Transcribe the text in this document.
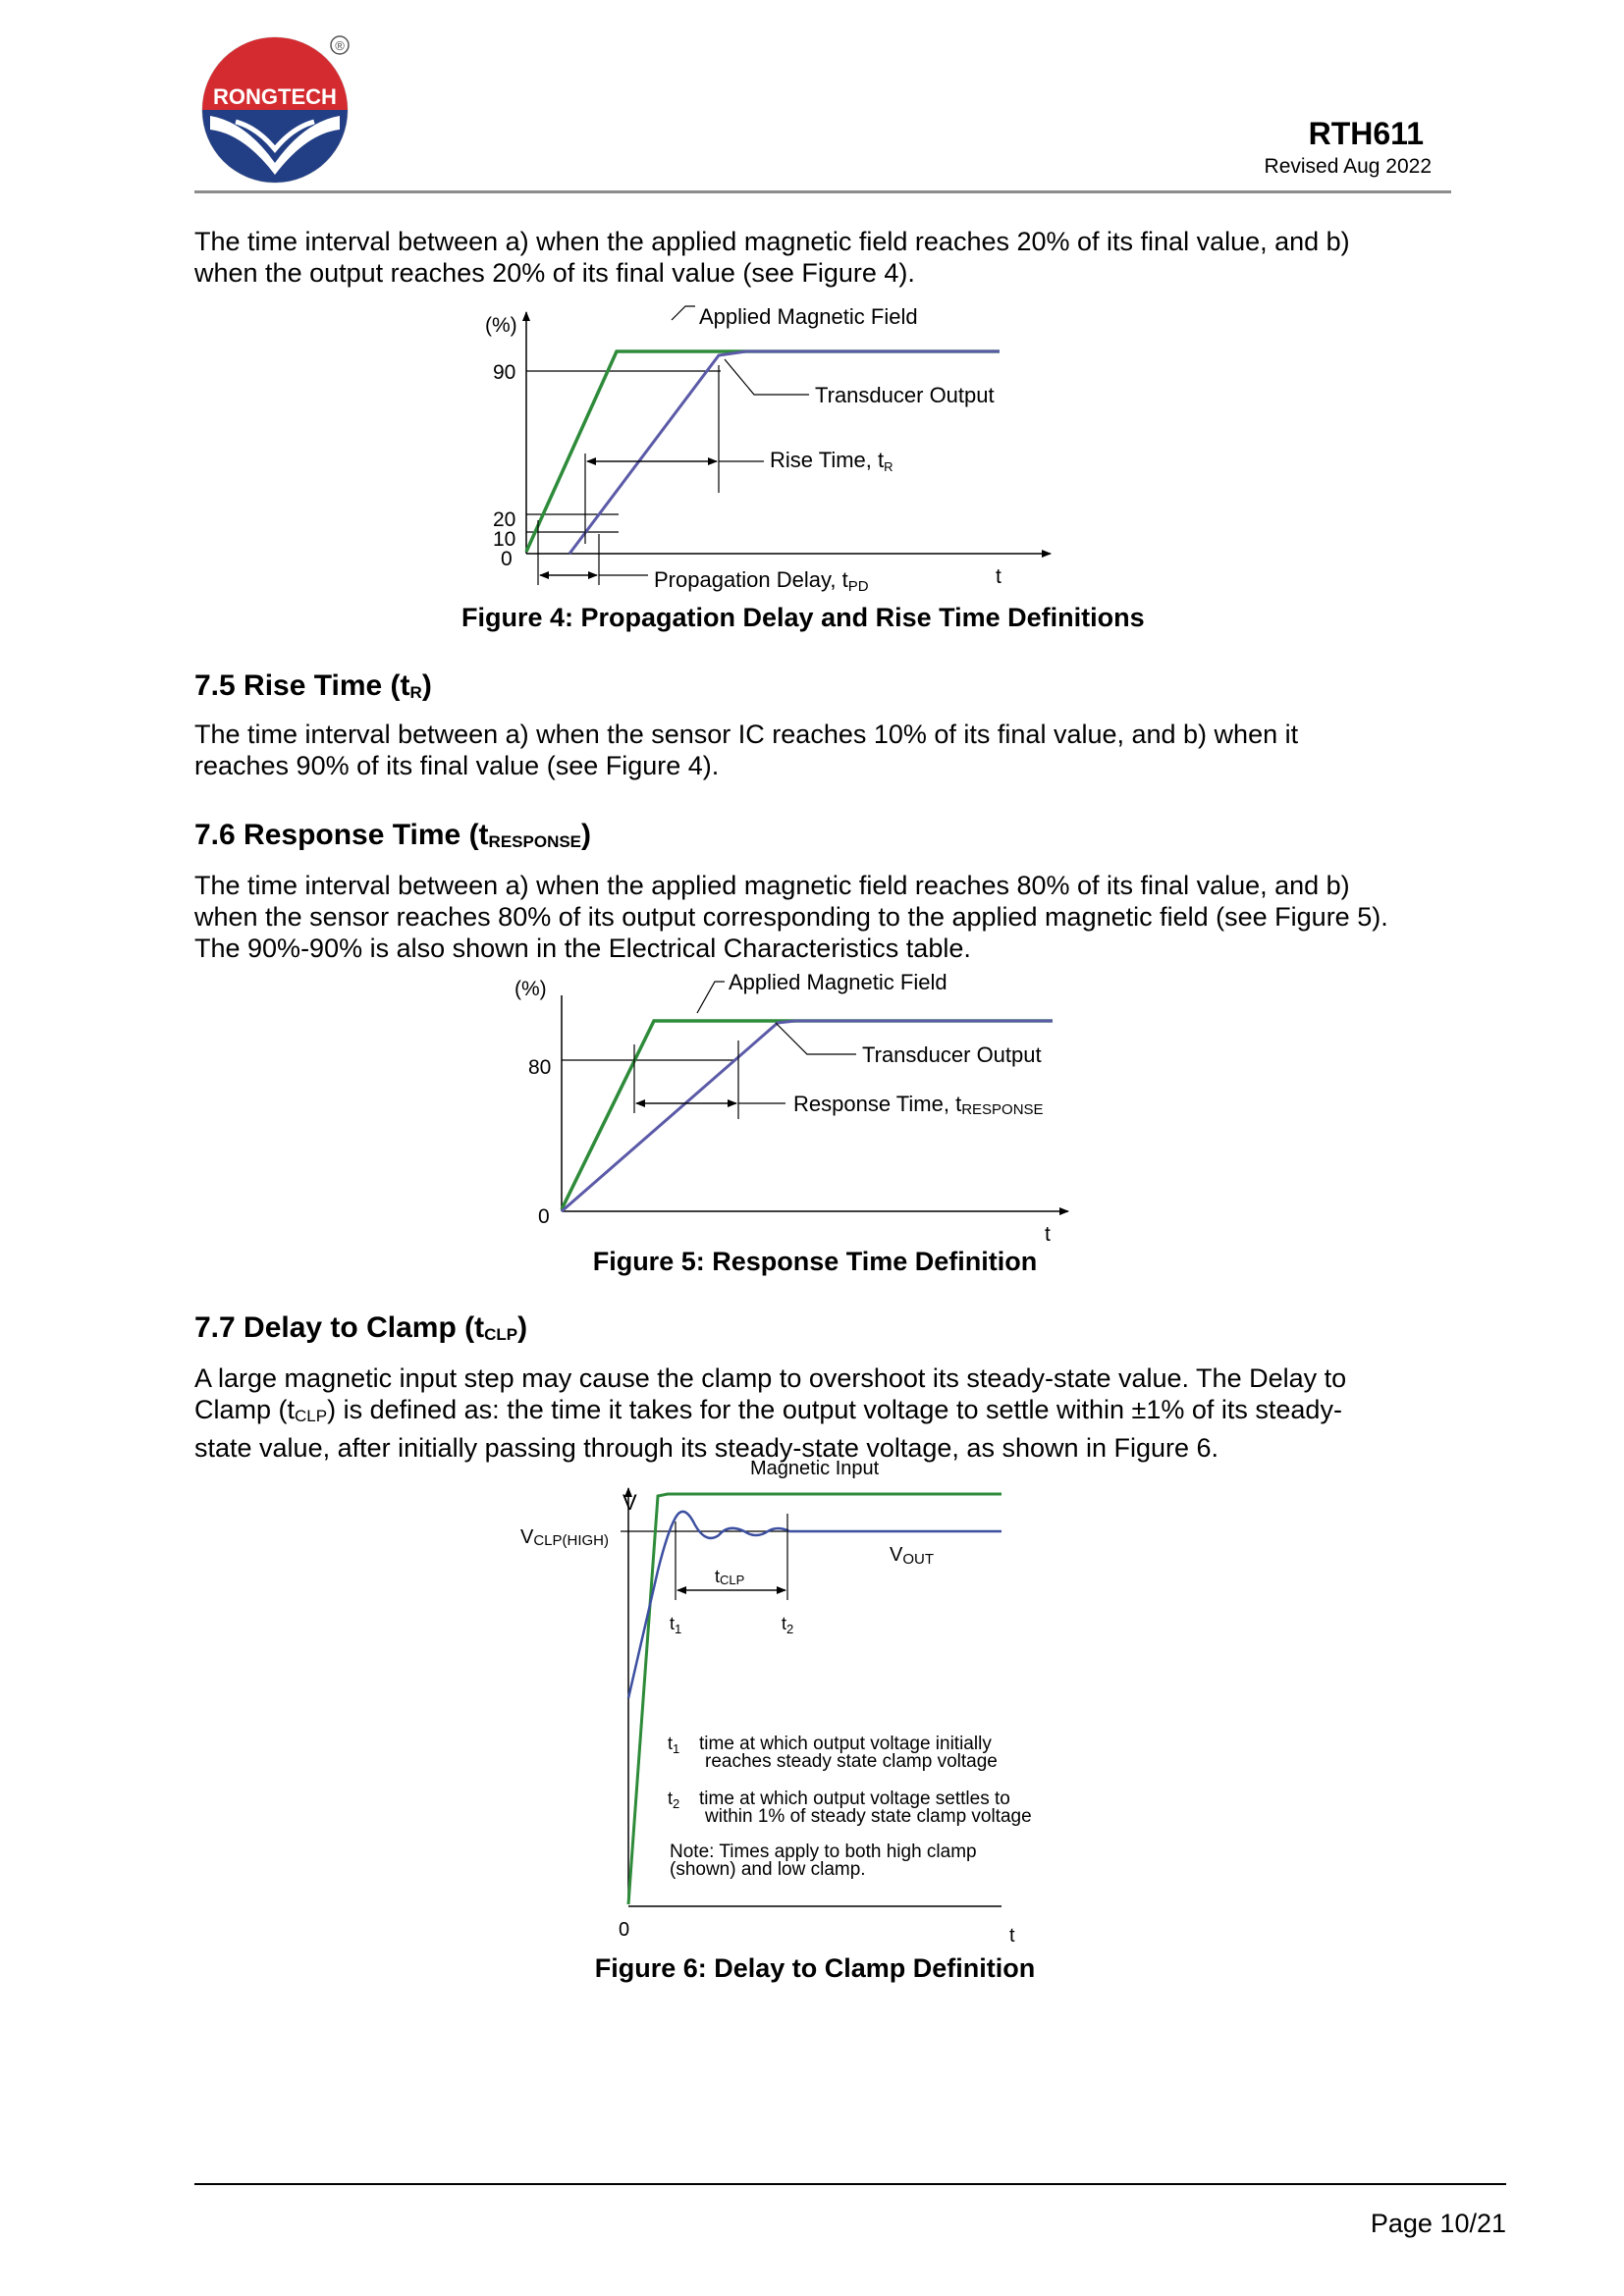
RONGTECH
®
RTH611
Revised Aug 2022

The time interval between a) when the applied magnetic field reaches 20% of its final value, and b)

when the output reaches 20% of its final value (see Figure 4).

(%)
90
20
10
0
Rise Time, tR
Propagation Delay, tPD	t
Applied Magnetic Field
Transducer Output
Figure 4: Propagation Delay and Rise Time Definitions
7.5 Rise Time $(t_R)$

The time interval between a) when the sensor IC reaches 10% of its final value, and b) when it

reaches 90% of its final value (see Figure 4).

7.6 Response Time $(t_{RESPONSE})$

The time interval between a) when the applied magnetic field reaches 80% of its final value, and b)

when the sensor reaches 80% of its output corresponding to the applied magnetic field (see Figure 5).

The 90%-90% is also shown in the Electrical Characteristics table.

(%)
80
0
Response Time, tRESPONSE
t
Applied Magnetic Field
Transducer Output
Figure 5: Response Time Definition
7.7 Delay to Clamp $(t_{CLP})$

A large magnetic input step may cause the clamp to overshoot its steady-state value. The Delay to

Clamp $(t_{CLP})$ is defined as: the time it takes for the output voltage to settle within ±1% of its steady-

state value, after initially passing through its steady-state voltage, as shown in Figure 6.

Magnetic Input
V
0	t
VCLP(HIGH)
VOUT
tCLP
$t_1$	$t_2$
$t_1$ time at which output voltage initially
reaches steady state clamp voltage
$t_2$ time at which output voltage settles to
within 1% of steady state clamp voltage
Note: Times apply to both high clamp
(shown) and low clamp.
Figure 6: Delay to Clamp Definition
Page 10/21
